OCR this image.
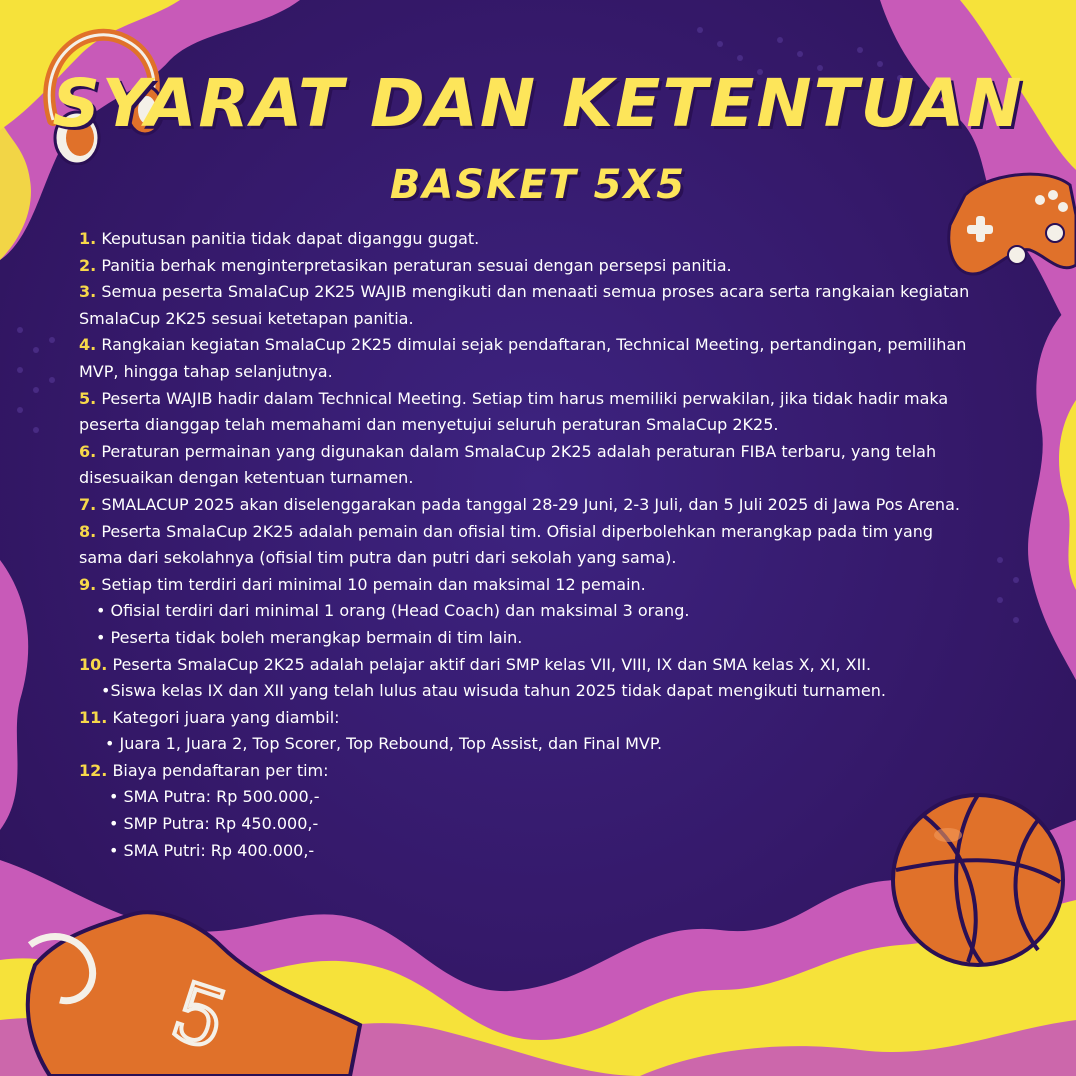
5
SYARAT DAN KETENTUAN
BASKET 5X5
1. Keputusan panitia tidak dapat diganggu gugat.
2. Panitia berhak menginterpretasikan peraturan sesuai dengan persepsi panitia.
3. Semua peserta SmalaCup 2K25 WAJIB mengikuti dan menaati semua proses acara serta rangkaian kegiatan SmalaCup 2K25 sesuai ketetapan panitia.
4. Rangkaian kegiatan SmalaCup 2K25 dimulai sejak pendaftaran, Technical Meeting, pertandingan, pemilihan MVP, hingga tahap selanjutnya.
5. Peserta WAJIB hadir dalam Technical Meeting. Setiap tim harus memiliki perwakilan, jika tidak hadir maka peserta dianggap telah memahami dan menyetujui seluruh peraturan SmalaCup 2K25.
6. Peraturan permainan yang digunakan dalam SmalaCup 2K25 adalah peraturan FIBA terbaru, yang telah disesuaikan dengan ketentuan turnamen.
7. SMALACUP 2025 akan diselenggarakan pada tanggal 28-29 Juni, 2-3 Juli, dan 5 Juli 2025 di Jawa Pos Arena.
8. Peserta SmalaCup 2K25 adalah pemain dan ofisial tim. Ofisial diperbolehkan merangkap pada tim yang sama dari sekolahnya (ofisial tim putra dan putri dari sekolah yang sama).
9. Setiap tim terdiri dari minimal 10 pemain dan maksimal 12 pemain.
• Ofisial terdiri dari minimal 1 orang (Head Coach) dan maksimal 3 orang.
• Peserta tidak boleh merangkap bermain di tim lain.
10. Peserta SmalaCup 2K25 adalah pelajar aktif dari SMP kelas VII, VIII, IX dan SMA kelas X, XI, XII.
•Siswa kelas IX dan XII yang telah lulus atau wisuda tahun 2025 tidak dapat mengikuti turnamen.
11. Kategori juara yang diambil:
• Juara 1, Juara 2, Top Scorer, Top Rebound, Top Assist, dan Final MVP.
12. Biaya pendaftaran per tim:
• SMA Putra: Rp 500.000,-
• SMP Putra: Rp 450.000,-
• SMA Putri: Rp 400.000,-
